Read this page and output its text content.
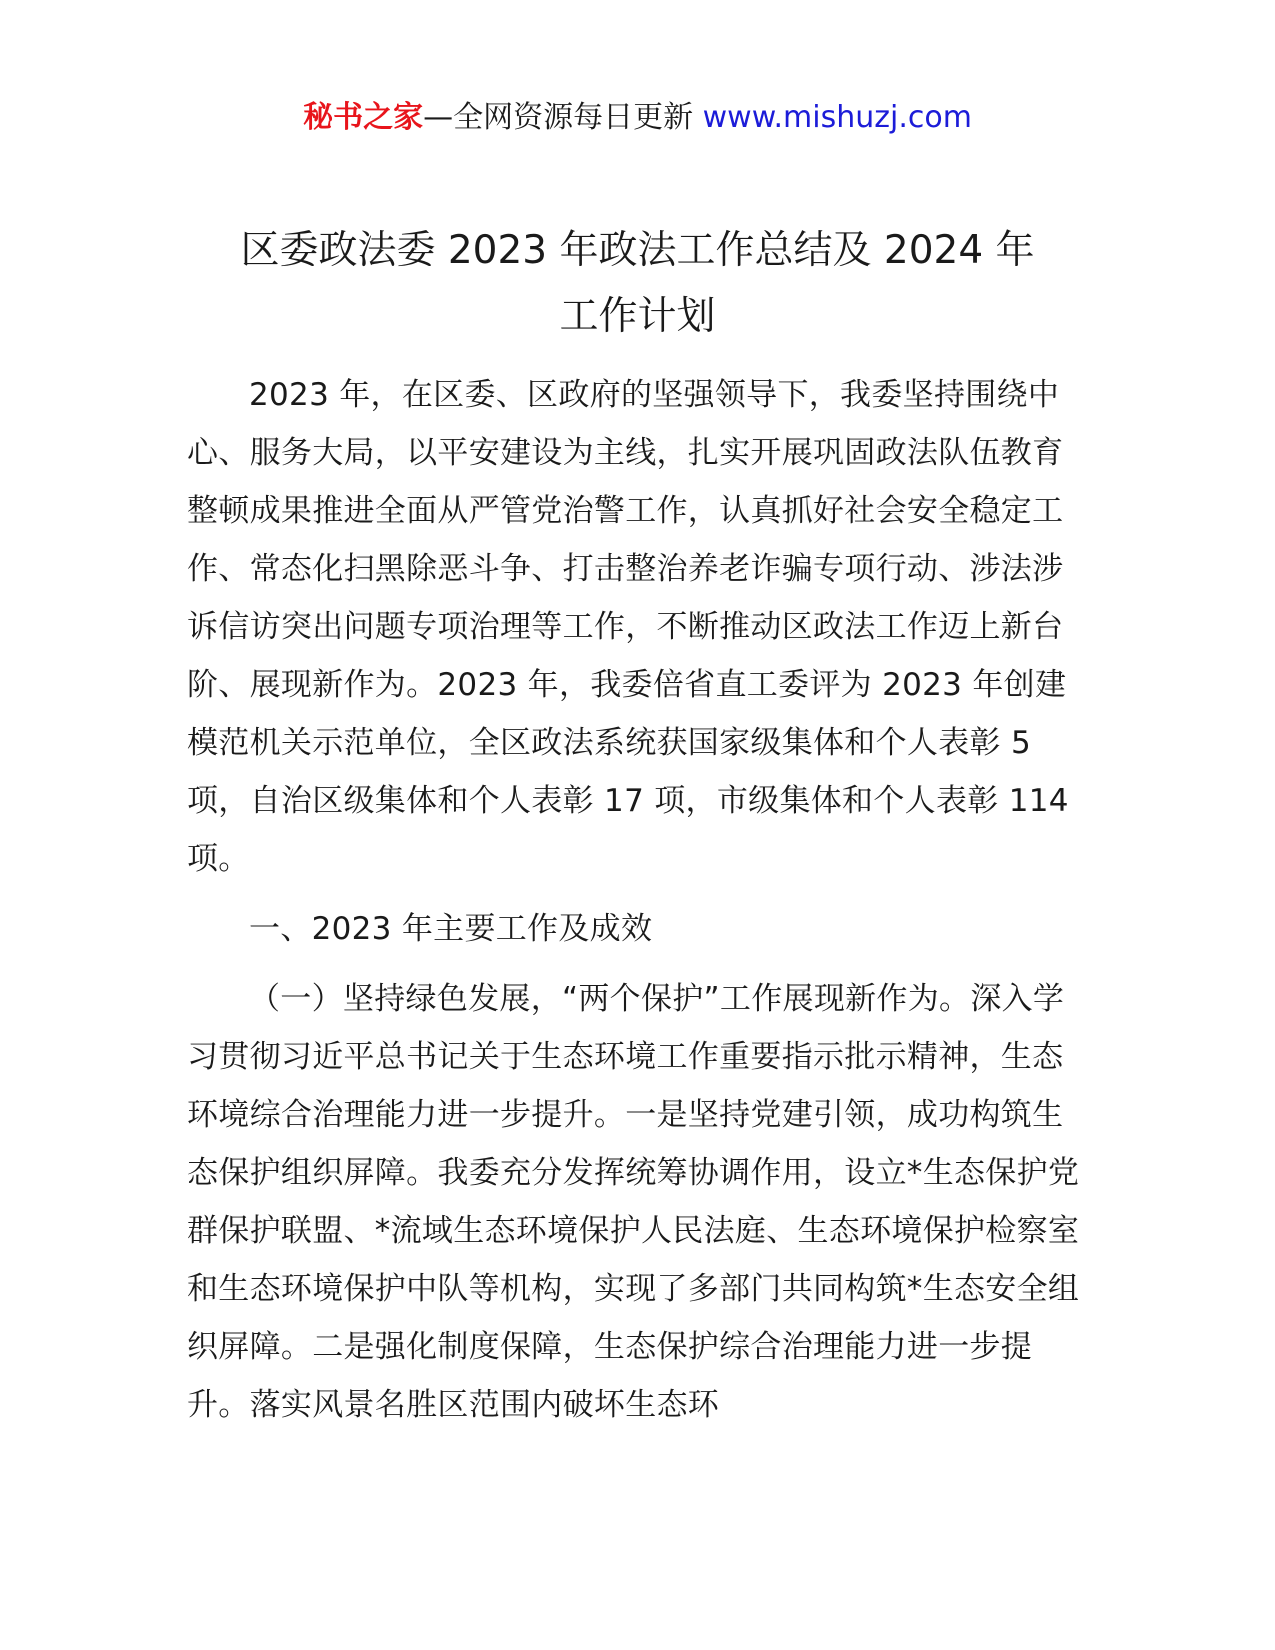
秘书之家—全网资源每日更新 www.mishuzj.com
区委政法委 2023 年政法工作总结及 2024 年
工作计划

2023 年，在区委、区政府的坚强领导下，我委坚持围绕中心、服务大局，以平安建设为主线，扎实开展巩固政法队伍教育整顿成果推进全面从严管党治警工作，认真抓好社会安全稳定工作、常态化扫黑除恶斗争、打击整治养老诈骗专项行动、涉法涉诉信访突出问题专项治理等工作，不断推动区政法工作迈上新台阶、展现新作为。2023 年，我委倍省直工委评为 2023 年创建模范机关示范单位，全区政法系统获国家级集体和个人表彰 5 项，自治区级集体和个人表彰 17 项，市级集体和个人表彰 114 项。

一、2023 年主要工作及成效

（一）坚持绿色发展，“两个保护”工作展现新作为。深入学习贯彻习近平总书记关于生态环境工作重要指示批示精神，生态环境综合治理能力进一步提升。一是坚持党建引领，成功构筑生态保护组织屏障。我委充分发挥统筹协调作用，设立*生态保护党群保护联盟、*流域生态环境保护人民法庭、生态环境保护检察室和生态环境保护中队等机构，实现了多部门共同构筑*生态安全组织屏障。二是强化制度保障，生态保护综合治理能力进一步提升。落实风景名胜区范围内破坏生态环
